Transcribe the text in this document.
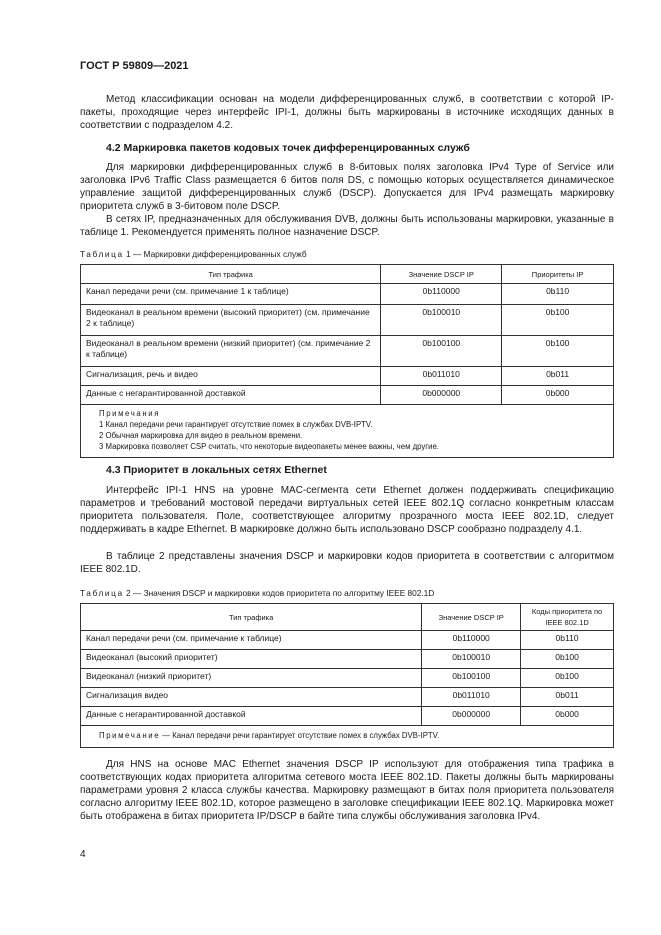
ГОСТ Р 59809—2021
Метод классификации основан на модели дифференцированных служб, в соответствии с которой IP-пакеты, проходящие через интерфейс IPI-1, должны быть маркированы в источнике исходящих данных в соответствии с подразделом 4.2.
4.2 Маркировка пакетов кодовых точек дифференцированных служб
Для маркировки дифференцированных служб в 8-битовых полях заголовка IPv4 Type of Service или заголовка IPv6 Traffic Class размещается 6 битов поля DS, с помощью которых осуществляется динамическое управление защитой дифференцированных служб (DSCP). Допускается для IPv4 размещать маркировку приоритета служб в 3-битовом поле DSCP.
В сетях IP, предназначенных для обслуживания DVB, должны быть использованы маркировки, указанные в таблице 1. Рекомендуется применять полное назначение DSCP.
Таблица 1 — Маркировки дифференцированных служб
Тип трафика	Значение DSCP IP	Приоритеты IP
Канал передачи речи (см. примечание 1 к таблице)	0b110000	0b110
Видеоканал в реальном времени (высокий приоритет) (см. примечание 2 к таблице)	0b100010	0b100
Видеоканал в реальном времени (низкий приоритет) (см. примечание 2 к таблице)	0b100100	0b100
Сигнализация, речь и видео	0b011010	0b011
Данные с негарантированной доставкой	0b000000	0b000

Примечания
1 Канал передачи речи гарантирует отсутствие помех в службах DVB-IPTV.
2 Обычная маркировка для видео в реальном времени.
3 Маркировка позволяет CSP считать, что некоторые видеопакеты менее важны, чем другие.		
4.3 Приоритет в локальных сетях Ethernet
Интерфейс IPI-1 HNS на уровне MAC-сегмента сети Ethernet должен поддерживать спецификацию параметров и требований мостовой передачи виртуальных сетей IEEE 802.1Q согласно конкретным классам приоритета пользователя. Поле, соответствующее алгоритму прозрачного моста IEEE 802.1D, следует поддерживать в кадре Ethernet. В маркировке должно быть использовано DSCP сообразно подразделу 4.1.
В таблице 2 представлены значения DSCP и маркировки кодов приоритета в соответствии с алгоритмом IEEE 802.1D.
Таблица 2 — Значения DSCP и маркировки кодов приоритета по алгоритму IEEE 802.1D
Тип трафика	Значение DSCP IP	Коды приоритета по IEEE 802.1D
Канал передачи речи (см. примечание к таблице)	0b110000	0b110
Видеоканал (высокий приоритет)	0b100010	0b100
Видеоканал (низкий приоритет)	0b100100	0b100
Сигнализация видео	0b011010	0b011
Данные с негарантированной доставкой	0b000000	0b000
Примечание — Канал передачи речи гарантирует отсутствие помех в службах DVB-IPTV.		
Для HNS на основе MAC Ethernet значения DSCP IP используют для отображения типа трафика в соответствующих кодах приоритета алгоритма сетевого моста IEEE 802.1D. Пакеты должны быть маркированы параметрами уровня 2 класса службы качества. Маркировку размещают в битах поля приоритета пользователя согласно алгоритму IEEE 802.1D, которое размещено в заголовке спецификации IEEE 802.1Q. Маркировка может быть отображена в битах приоритета IP/DSCP в байте типа службы обслуживания заголовка IPv4.
4
